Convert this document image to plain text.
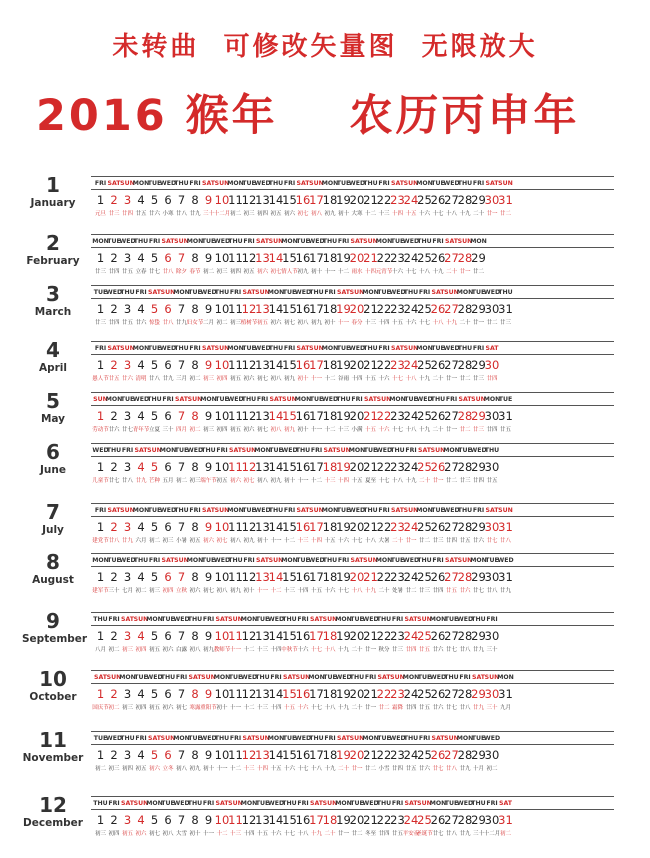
未转曲  可修改矢量图  无限放大
2016 猴年    农历丙申年
1
January
FRI
1
元旦
SAT
2
廿三
SUN
3
廿四
MON
4
廿五
TUE
5
廿六
WED
6
小寒
THU
7
廿八
FRI
8
廿九
SAT
9
三十
SUN
10
十二月
MON
11
初二
TUE
12
初三
WED
13
初四
THU
14
初五
FRI
15
初六
SAT
16
初七
SUN
17
初八
MON
18
初九
TUE
19
初十
WED
20
大寒
THU
21
十二
FRI
22
十三
SAT
23
十四
SUN
24
十五
MON
25
十六
TUE
26
十七
WED
27
十八
THU
28
十九
FRI
29
二十
SAT
30
廿一
SUN
31
廿二
2
February
MON
1
廿三
TUE
2
廿四
WED
3
廿五
THU
4
立春
FRI
5
廿七
SAT
6
廿八
SUN
7
除夕
MON
8
春节
TUE
9
初二
WED
10
初三
THU
11
初四
FRI
12
初五
SAT
13
初六
SUN
14
初七
MON
15
情人节
TUE
16
初九
WED
17
初十
THU
18
十一
FRI
19
十二
SAT
20
雨水
SUN
21
十四
MON
22
元宵节
TUE
23
十六
WED
24
十七
THU
25
十八
FRI
26
十九
SAT
27
二十
SUN
28
廿一
MON
29
廿二
3
March
TUE
1
廿三
WED
2
廿四
THU
3
廿五
FRI
4
廿六
SAT
5
惊蛰
SUN
6
廿八
MON
7
廿九
TUE
8
妇女节
WED
9
二月
THU
10
初二
FRI
11
初三
SAT
12
植树节
SUN
13
初五
MON
14
初六
TUE
15
初七
WED
16
初八
THU
17
初九
FRI
18
初十
SAT
19
十一
SUN
20
春分
MON
21
十三
TUE
22
十四
WED
23
十五
THU
24
十六
FRI
25
十七
SAT
26
十八
SUN
27
十九
MON
28
二十
TUE
29
廿一
WED
30
廿二
THU
31
廿三
4
April
FRI
1
愚人节
SAT
2
廿五
SUN
3
廿六
MON
4
清明
TUE
5
廿八
WED
6
廿九
THU
7
三月
FRI
8
初二
SAT
9
初三
SUN
10
初四
MON
11
初五
TUE
12
初六
WED
13
初七
THU
14
初八
FRI
15
初九
SAT
16
初十
SUN
17
十一
MON
18
十二
TUE
19
谷雨
WED
20
十四
THU
21
十五
FRI
22
十六
SAT
23
十七
SUN
24
十八
MON
25
十九
TUE
26
二十
WED
27
廿一
THU
28
廿二
FRI
29
廿三
SAT
30
廿四
5
May
SUN
1
劳动节
MON
2
廿六
TUE
3
廿七
WED
4
青年节
THU
5
立夏
FRI
6
三十
SAT
7
四月
SUN
8
初二
MON
9
初三
TUE
10
初四
WED
11
初五
THU
12
初六
FRI
13
初七
SAT
14
初八
SUN
15
初九
MON
16
初十
TUE
17
十一
WED
18
十二
THU
19
十三
FRI
20
小满
SAT
21
十五
SUN
22
十六
MON
23
十七
TUE
24
十八
WED
25
十九
THU
26
二十
FRI
27
廿一
SAT
28
廿二
SUN
29
廿三
MON
30
廿四
TUE
31
廿五
6
June
WED
1
儿童节
THU
2
廿七
FRI
3
廿八
SAT
4
廿九
SUN
5
芒种
MON
6
五月
TUE
7
初二
WED
8
初三
THU
9
端午节
FRI
10
初五
SAT
11
初六
SUN
12
初七
MON
13
初八
TUE
14
初九
WED
15
初十
THU
16
十一
FRI
17
十二
SAT
18
十三
SUN
19
十四
MON
20
十五
TUE
21
夏至
WED
22
十七
THU
23
十八
FRI
24
十九
SAT
25
二十
SUN
26
廿一
MON
27
廿二
TUE
28
廿三
WED
29
廿四
THU
30
廿五
7
July
FRI
1
建党节
SAT
2
廿八
SUN
3
廿九
MON
4
六月
TUE
5
初二
WED
6
初三
THU
7
小暑
FRI
8
初五
SAT
9
初六
SUN
10
初七
MON
11
初八
TUE
12
初九
WED
13
初十
THU
14
十一
FRI
15
十二
SAT
16
十三
SUN
17
十四
MON
18
十五
TUE
19
十六
WED
20
十七
THU
21
十八
FRI
22
大暑
SAT
23
二十
SUN
24
廿一
MON
25
廿二
TUE
26
廿三
WED
27
廿四
THU
28
廿五
FRI
29
廿六
SAT
30
廿七
SUN
31
廿八
8
August
MON
1
建军节
TUE
2
三十
WED
3
七月
THU
4
初二
FRI
5
初三
SAT
6
初四
SUN
7
立秋
MON
8
初六
TUE
9
初七
WED
10
初八
THU
11
初九
FRI
12
初十
SAT
13
十一
SUN
14
十二
MON
15
十三
TUE
16
十四
WED
17
十五
THU
18
十六
FRI
19
十七
SAT
20
十八
SUN
21
十九
MON
22
二十
TUE
23
处暑
WED
24
廿二
THU
25
廿三
FRI
26
廿四
SAT
27
廿五
SUN
28
廿六
MON
29
廿七
TUE
30
廿八
WED
31
廿九
9
September
THU
1
八月
FRI
2
初二
SAT
3
初三
SUN
4
初四
MON
5
初五
TUE
6
初六
WED
7
白露
THU
8
初八
FRI
9
初九
SAT
10
教师节
SUN
11
十一
MON
12
十二
TUE
13
十三
WED
14
十四
THU
15
中秋节
FRI
16
十六
SAT
17
十七
SUN
18
十八
MON
19
十九
TUE
20
二十
WED
21
廿一
THU
22
秋分
FRI
23
廿三
SAT
24
廿四
SUN
25
廿五
MON
26
廿六
TUE
27
廿七
WED
28
廿八
THU
29
廿九
FRI
30
三十
10
October
SAT
1
国庆节
SUN
2
初二
MON
3
初三
TUE
4
初四
WED
5
初五
THU
6
初六
FRI
7
初七
SAT
8
寒露
SUN
9
重阳节
MON
10
初十
TUE
11
十一
WED
12
十二
THU
13
十三
FRI
14
十四
SAT
15
十五
SUN
16
十六
MON
17
十七
TUE
18
十八
WED
19
十九
THU
20
二十
FRI
21
廿一
SAT
22
廿二
SUN
23
霜降
MON
24
廿四
TUE
25
廿五
WED
26
廿六
THU
27
廿七
FRI
28
廿八
SAT
29
廿九
SUN
30
三十
MON
31
九月
11
November
TUE
1
初二
WED
2
初三
THU
3
初四
FRI
4
初五
SAT
5
初六
SUN
6
立冬
MON
7
初八
TUE
8
初九
WED
9
初十
THU
10
十一
FRI
11
十二
SAT
12
十三
SUN
13
十四
MON
14
十五
TUE
15
十六
WED
16
十七
THU
17
十八
FRI
18
十九
SAT
19
二十
SUN
20
廿一
MON
21
廿二
TUE
22
小雪
WED
23
廿四
THU
24
廿五
FRI
25
廿六
SAT
26
廿七
SUN
27
廿八
MON
28
廿九
TUE
29
十月
WED
30
初二
12
December
THU
1
初三
FRI
2
初四
SAT
3
初五
SUN
4
初六
MON
5
初七
TUE
6
初八
WED
7
大雪
THU
8
初十
FRI
9
十一
SAT
10
十二
SUN
11
十三
MON
12
十四
TUE
13
十五
WED
14
十六
THU
15
十七
FRI
16
十八
SAT
17
十九
SUN
18
二十
MON
19
廿一
TUE
20
廿二
WED
21
冬至
THU
22
廿四
FRI
23
廿五
SAT
24
平安夜
SUN
25
圣诞节
MON
26
廿七
TUE
27
廿八
WED
28
廿九
THU
29
三十
FRI
30
十二月
SAT
31
初二
